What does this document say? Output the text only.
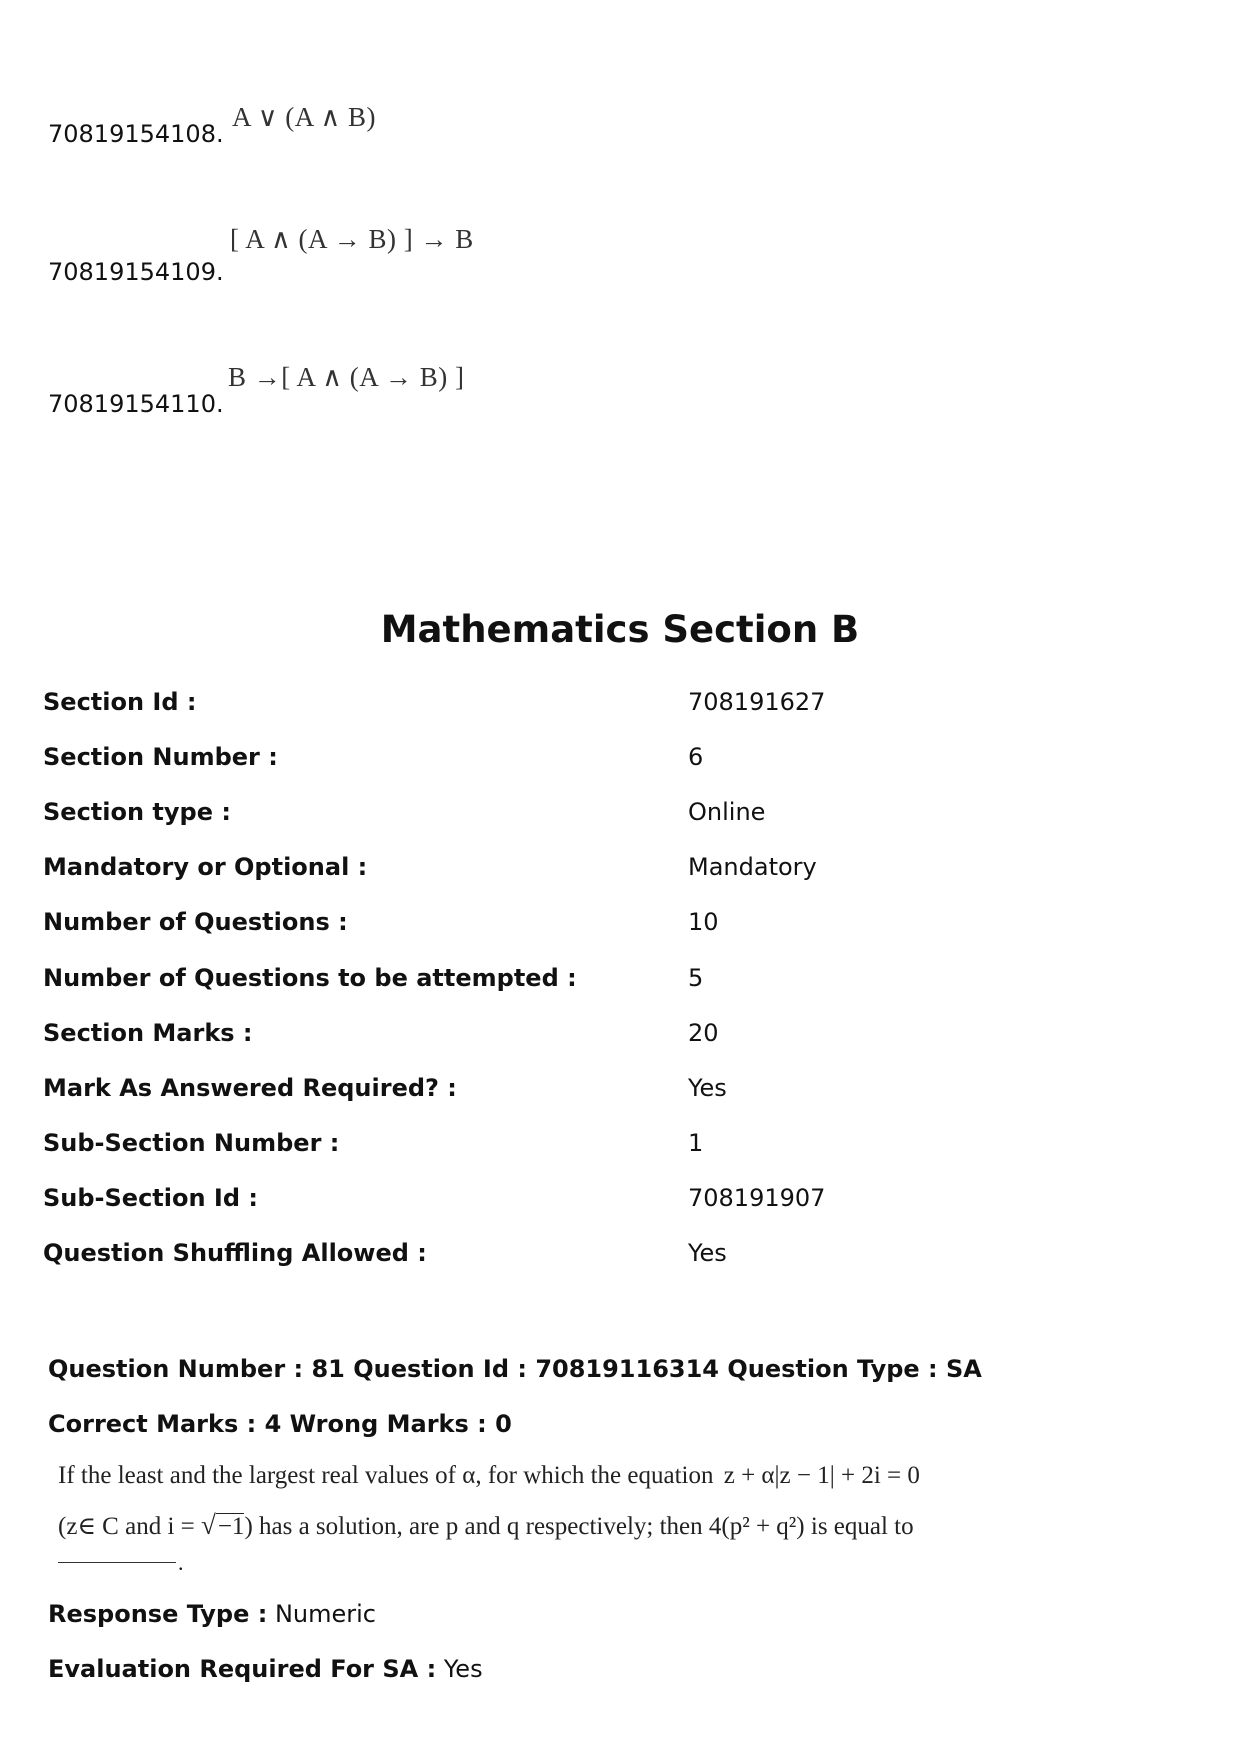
70819154108.
A ∨ (A ∧ B)
70819154109.
[ A ∧ (A → B) ] → B
70819154110.
B →[ A ∧ (A → B) ]
Mathematics Section B
Section Id :	708191627
Section Number :	6
Section type :	Online
Mandatory or Optional :	Mandatory
Number of Questions :	10
Number of Questions to be attempted :	5
Section Marks :	20
Mark As Answered Required? :	Yes
Sub-Section Number :	1
Sub-Section Id :	708191907
Question Shuffling Allowed :	Yes
Question Number : 81 Question Id : 70819116314 Question Type : SA
Correct Marks : 4 Wrong Marks : 0
If the least and the largest real values of α, for which the equation z + α|z − 1| + 2i = 0
(z∈ C and i = √−1) has a solution, are p and q respectively; then 4(p² + q²) is equal to
.
Response Type : Numeric
Evaluation Required For SA : Yes
